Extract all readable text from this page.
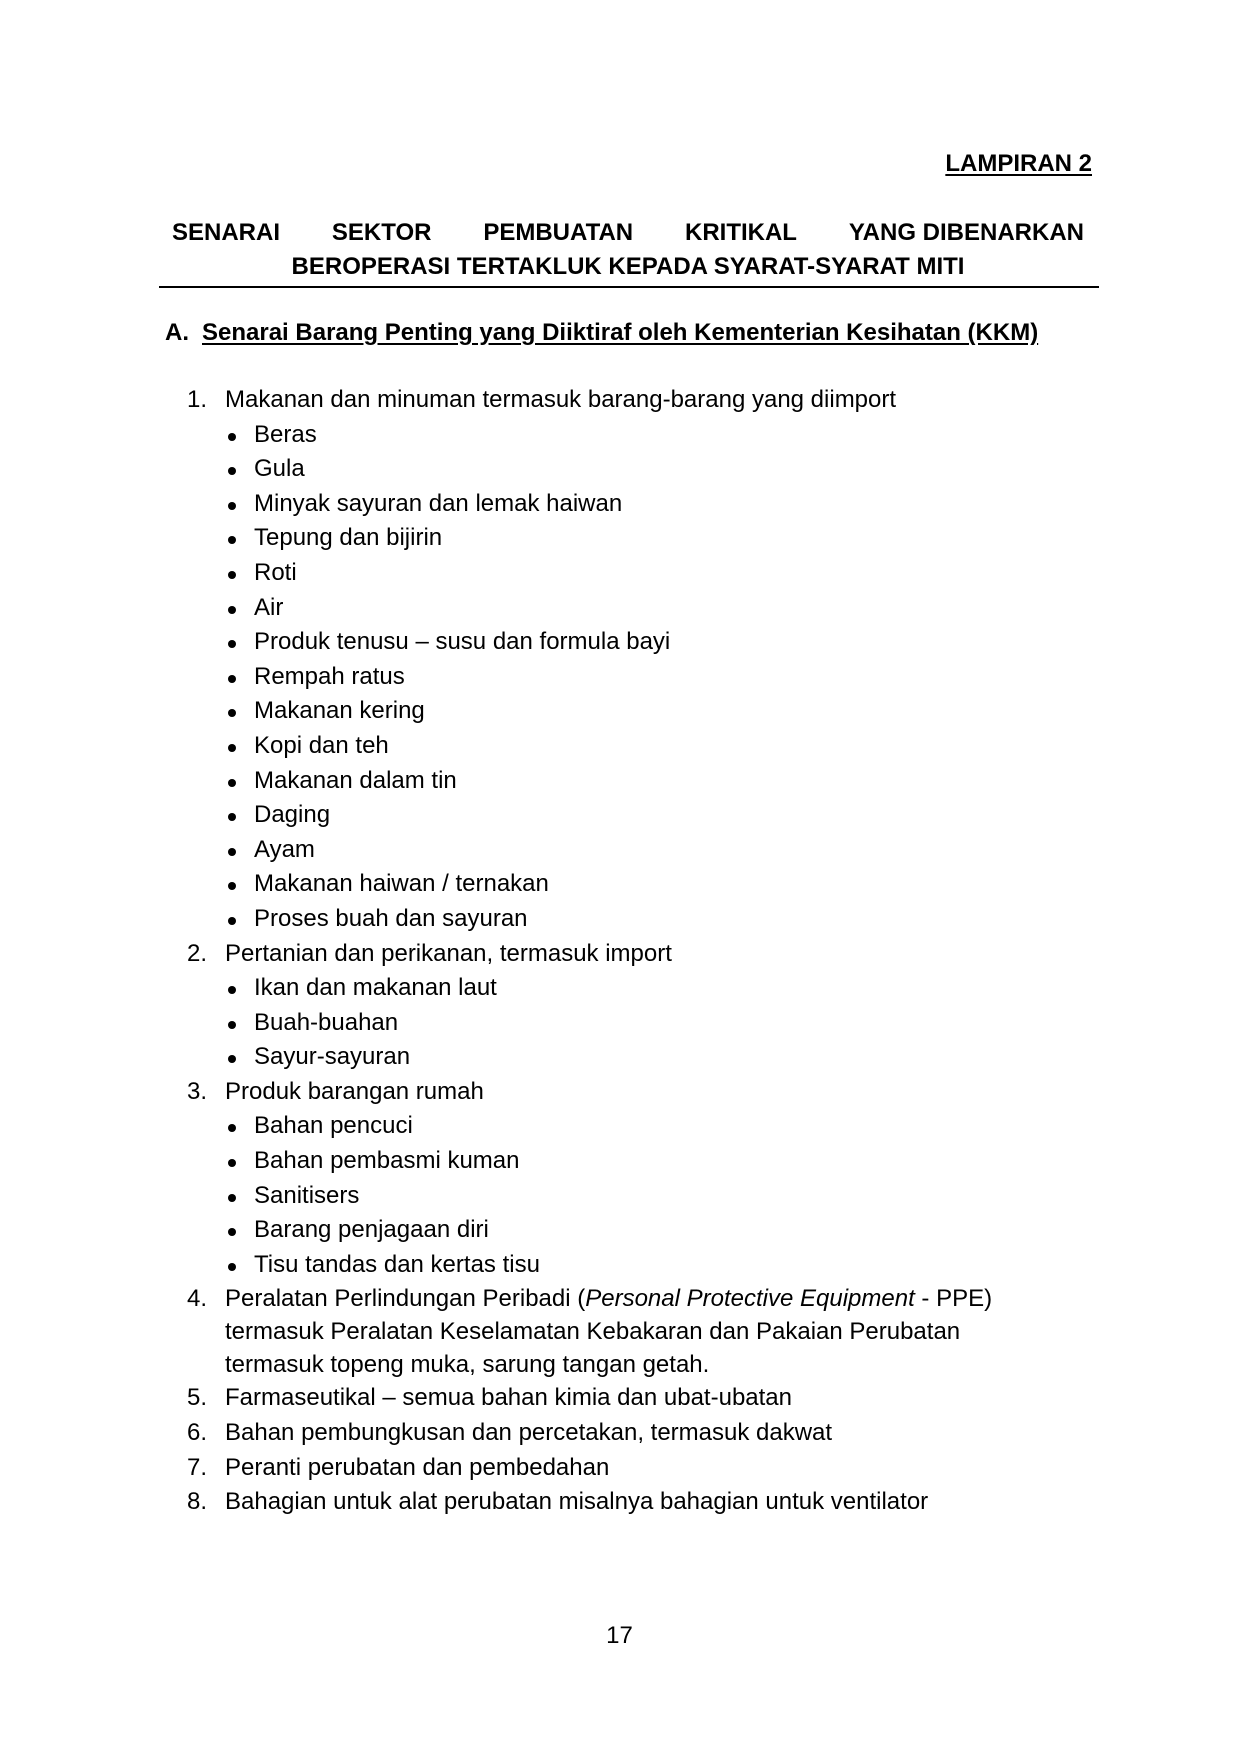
LAMPIRAN 2
SENARAI SEKTOR PEMBUATAN KRITIKAL YANG DIBENARKAN
BEROPERASI TERTAKLUK KEPADA SYARAT-SYARAT MITI
A. Senarai Barang Penting yang Diiktiraf oleh Kementerian Kesihatan (KKM)
1. Makanan dan minuman termasuk barang-barang yang diimport
Beras
Gula
Minyak sayuran dan lemak haiwan
Tepung dan bijirin
Roti
Air
Produk tenusu – susu dan formula bayi
Rempah ratus
Makanan kering
Kopi dan teh
Makanan dalam tin
Daging
Ayam
Makanan haiwan / ternakan
Proses buah dan sayuran
2. Pertanian dan perikanan, termasuk import
Ikan dan makanan laut
Buah-buahan
Sayur-sayuran
3. Produk barangan rumah
Bahan pencuci
Bahan pembasmi kuman
Sanitisers
Barang penjagaan diri
Tisu tandas dan kertas tisu
4. Peralatan Perlindungan Peribadi (Personal Protective Equipment - PPE) termasuk Peralatan Keselamatan Kebakaran dan Pakaian Perubatan termasuk topeng muka, sarung tangan getah.
5. Farmaseutikal – semua bahan kimia dan ubat-ubatan
6. Bahan pembungkusan dan percetakan, termasuk dakwat
7. Peranti perubatan dan pembedahan
8. Bahagian untuk alat perubatan misalnya bahagian untuk ventilator
17
